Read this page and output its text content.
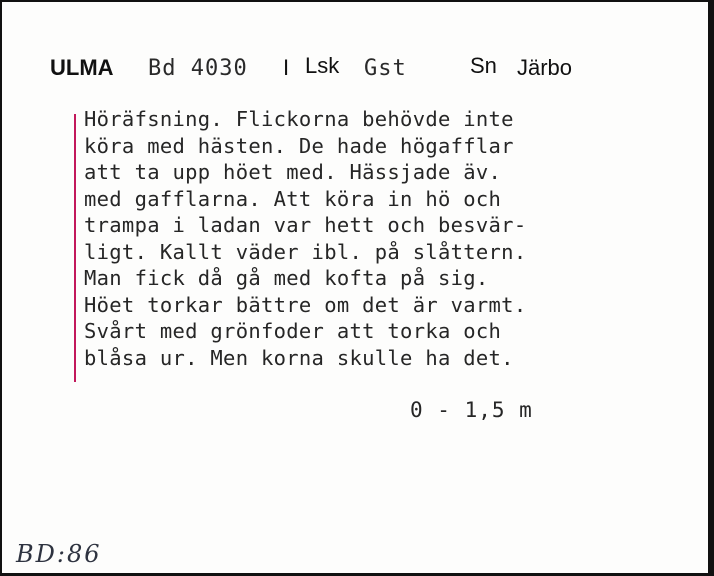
ULMA Bd 4030 I Lsk Gst	Sn Järbo
Höräfsning. Flickorna behövde inte
köra med hästen. De hade högafflar
att ta upp höet med. Hässjade äv.
med gafflarna. Att köra in hö och
trampa i ladan var hett och besvär-
ligt. Kallt väder ibl. på slåttern.
Man fick då gå med kofta på sig.
Höet torkar bättre om det är varmt.
Svårt med grönfoder att torka och
blåsa ur. Men korna skulle ha det.
0 - 1,5 m
BD:86
